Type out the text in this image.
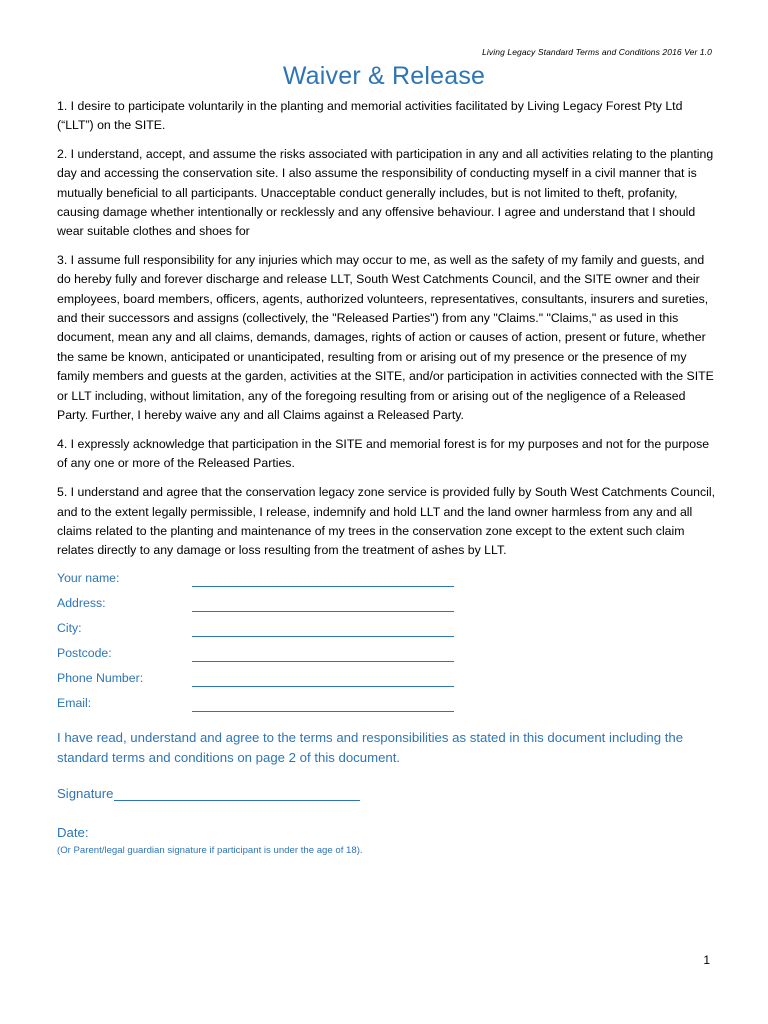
Living Legacy Standard Terms and Conditions 2016 Ver 1.0
Waiver & Release

1. I desire to participate voluntarily in the planting and memorial activities facilitated by Living Legacy Forest Pty Ltd (“LLT”) on the SITE.

2. I understand, accept, and assume the risks associated with participation in any and all activities relating to the planting day and accessing the conservation site. I also assume the responsibility of conducting myself in a civil manner that is mutually beneficial to all participants. Unacceptable conduct generally includes, but is not limited to theft, profanity, causing damage whether intentionally or recklessly and any offensive behaviour. I agree and understand that I should wear suitable clothes and shoes for

3. I assume full responsibility for any injuries which may occur to me, as well as the safety of my family and guests, and do hereby fully and forever discharge and release LLT, South West Catchments Council, and the SITE owner and their employees, board members, officers, agents, authorized volunteers, representatives, consultants, insurers and sureties, and their successors and assigns (collectively, the "Released Parties") from any "Claims." "Claims," as used in this document, mean any and all claims, demands, damages, rights of action or causes of action, present or future, whether the same be known, anticipated or unanticipated, resulting from or arising out of my presence or the presence of my family members and guests at the garden, activities at the SITE, and/or participation in activities connected with the SITE or LLT including, without limitation, any of the foregoing resulting from or arising out of the negligence of a Released Party. Further, I hereby waive any and all Claims against a Released Party.

4. I expressly acknowledge that participation in the SITE and memorial forest is for my purposes and not for the purpose of any one or more of the Released Parties.

5. I understand and agree that the conservation legacy zone service is provided fully by South West Catchments Council, and to the extent legally permissible, I release, indemnify and hold LLT and the land owner harmless from any and all claims related to the planting and maintenance of my trees in the conservation zone except to the extent such claim relates directly to any damage or loss resulting from the treatment of ashes by LLT.

Your name:
Address:
City:
Postcode:
Phone Number:
Email:
I have read, understand and agree to the terms and responsibilities as stated in this document including the standard terms and conditions on page 2 of this document.
Signature
Date:
(Or Parent/legal guardian signature if participant is under the age of 18).
1
